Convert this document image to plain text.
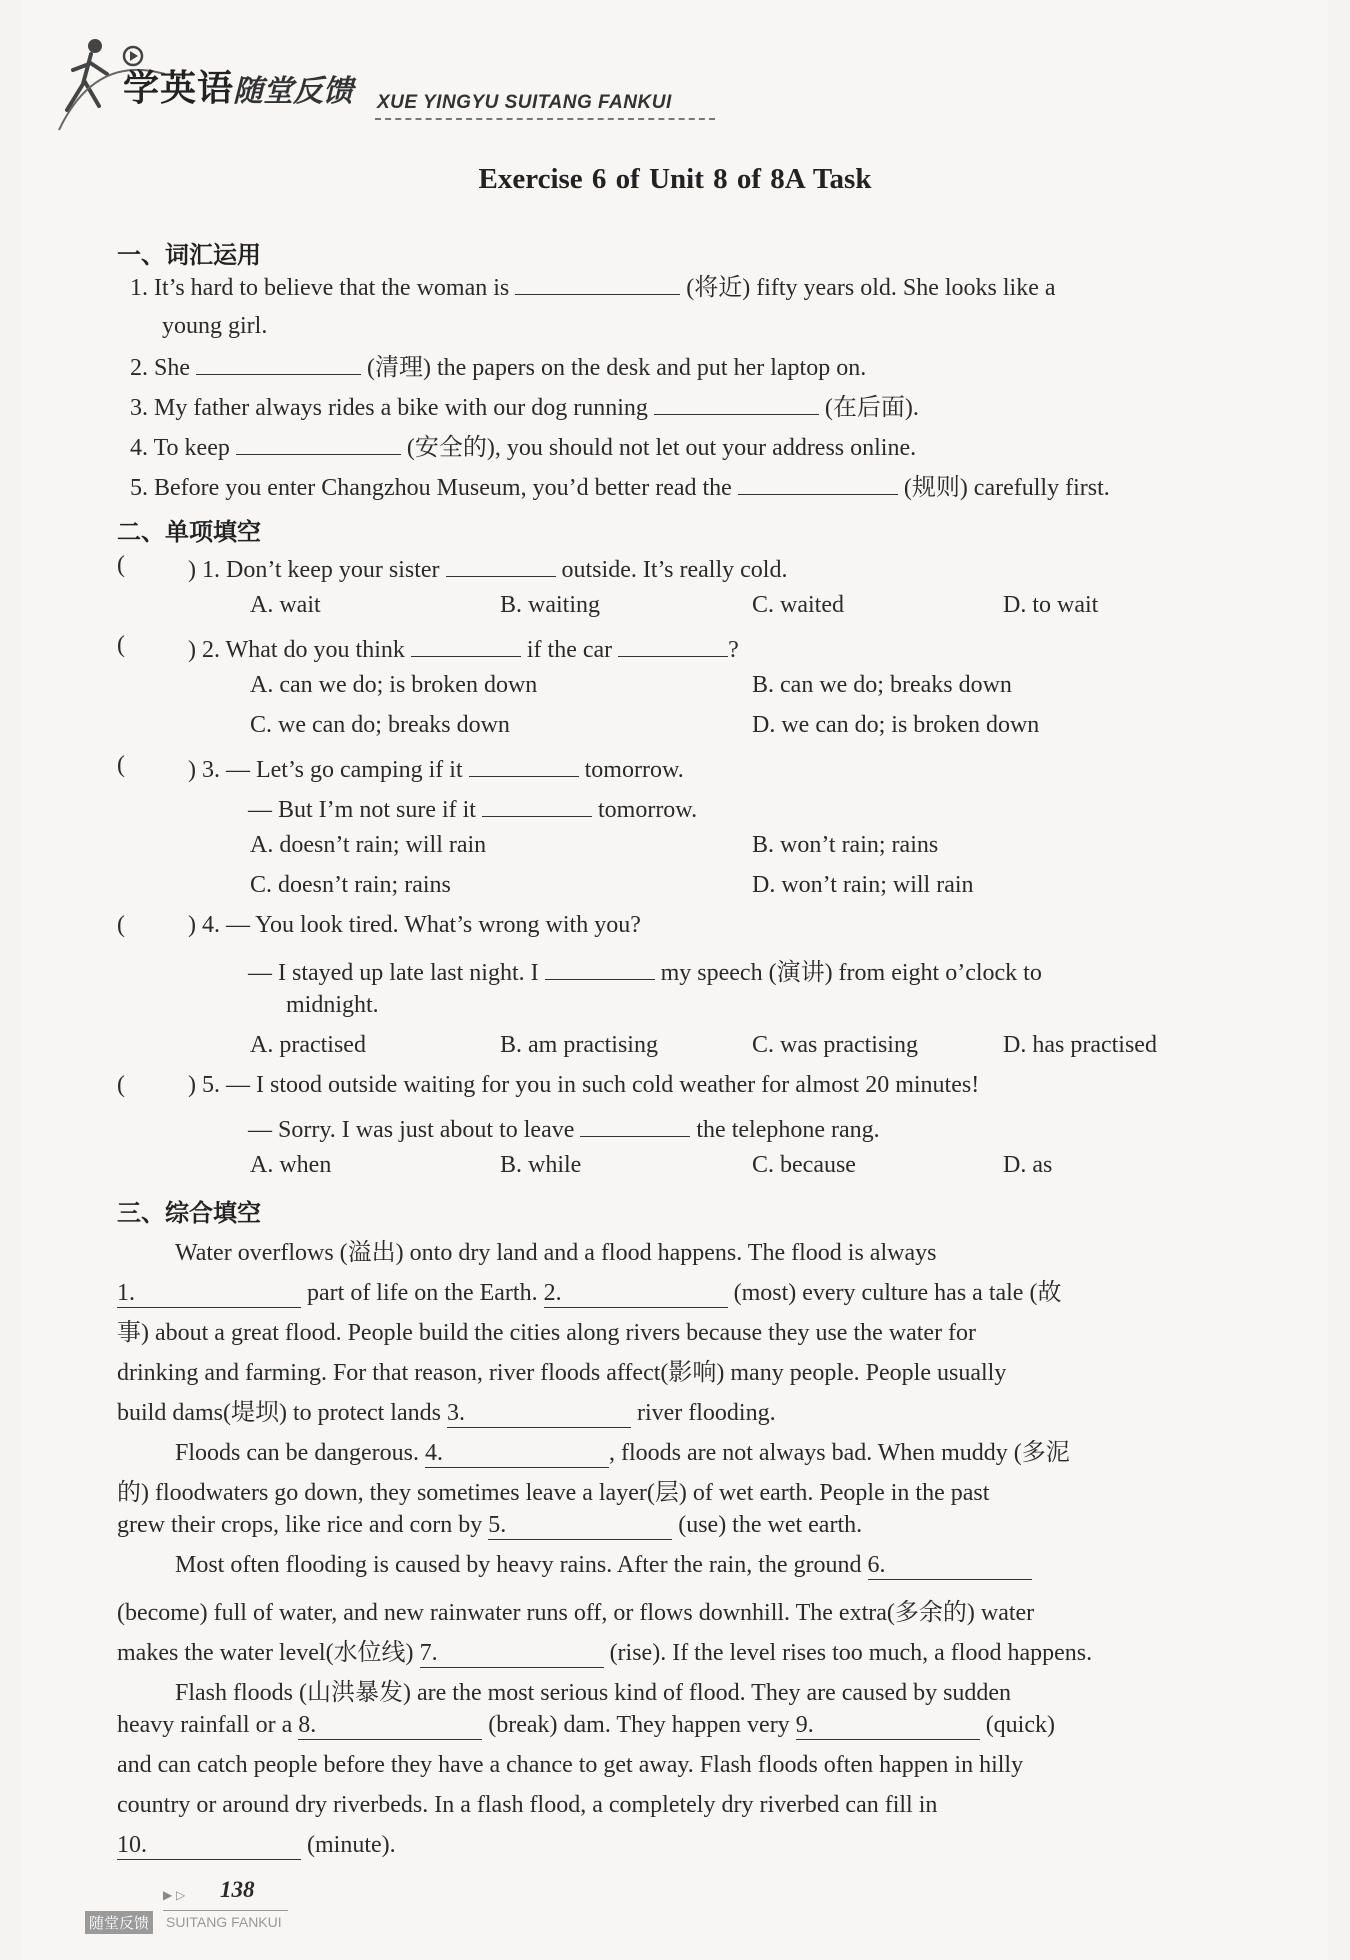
学英语
随堂反馈 XUE YINGYU SUITANG FANKUI
Exercise 6 of Unit 8 of 8A Task
一、词汇运用
1. It’s hard to believe that the woman is	(将近) fifty years old. She looks like a
young girl.
2. She	(清理) the papers on the desk and put her laptop on.
3. My father always rides a bike with our dog running	(在后面).
4. To keep	(安全的), you should not let out your address online.
5. Before you enter Changzhou Museum, you’d better read the	(规则) carefully first.
二、单项填空
(	) 1. Don’t keep your sister	outside. It’s really cold.
A. wait	B. waiting	C. waited	D. to wait
(	) 2. What do you think	if the car	?
A. can we do; is broken down	B. can we do; breaks down
C. we can do; breaks down	D. we can do; is broken down
(	) 3. — Let’s go camping if it	tomorrow.
— But I’m not sure if it	tomorrow.
A. doesn’t rain; will rain	B. won’t rain; rains
C. doesn’t rain; rains	D. won’t rain; will rain
(	) 4. — You look tired. What’s wrong with you?
— I stayed up late last night. I	my speech (演讲) from eight o’clock to
midnight.
A. practised	B. am practising	C. was practising	D. has practised
(	) 5. — I stood outside waiting for you in such cold weather for almost 20 minutes!
— Sorry. I was just about to leave	the telephone rang.
A. when	B. while	C. because	D. as
三、综合填空
Water overflows (溢出) onto dry land and a flood happens. The flood is always
1.	part of life on the Earth. 2.	(most) every culture has a tale (故
事) about a great flood. People build the cities along rivers because they use the water for
drinking and farming. For that reason, river floods affect(影响) many people. People usually
build dams(堤坝) to protect lands 3.	river flooding.
Floods can be dangerous. 4.	, floods are not always bad. When muddy (多泥
的) floodwaters go down, they sometimes leave a layer(层) of wet earth. People in the past
grew their crops, like rice and corn by 5.	(use) the wet earth.
Most often flooding is caused by heavy rains. After the rain, the ground 6.
(become) full of water, and new rainwater runs off, or flows downhill. The extra(多余的) water
makes the water level(水位线) 7.	(rise). If the level rises too much, a flood happens.
Flash floods (山洪暴发) are the most serious kind of flood. They are caused by sudden
heavy rainfall or a 8.	(break) dam. They happen very 9.	(quick)
and can catch people before they have a chance to get away. Flash floods often happen in hilly
country or around dry riverbeds. In a flash flood, a completely dry riverbed can fill in
10.	(minute).
▶ ▷ 138
随堂反馈 SUITANG FANKUI
